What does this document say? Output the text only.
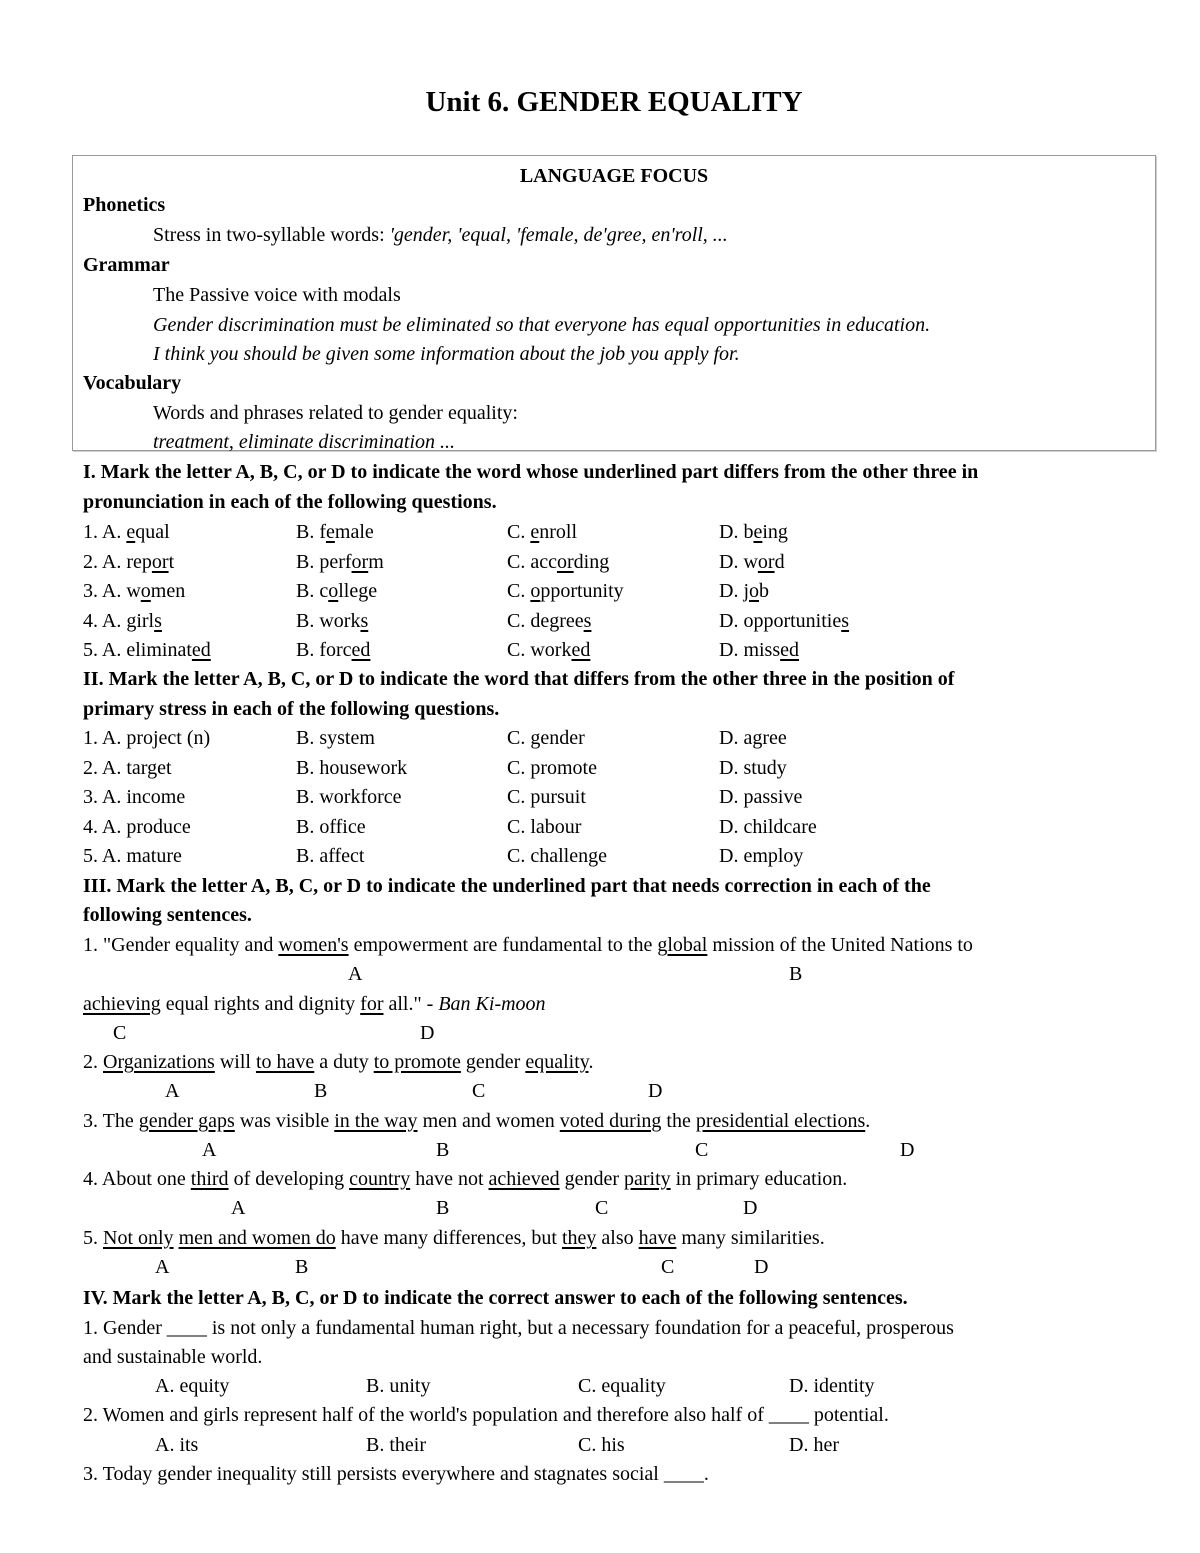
Unit 6. GENDER EQUALITY
LANGUAGE FOCUS
Phonetics
Stress in two-syllable words: 'gender, 'equal, 'female, de'gree, en'roll, ...
Grammar
The Passive voice with modals
Gender discrimination must be eliminated so that everyone has equal opportunities in education.
I think you should be given some information about the job you apply for.
Vocabulary
Words and phrases related to gender equality:
treatment, eliminate discrimination ...
I. Mark the letter A, B, C, or D to indicate the word whose underlined part differs from the other three in
pronunciation in each of the following questions.
1. A. equal	B. female	C. enroll	D. being
2. A. report	B. perform	C. according	D. word
3. A. women	B. college	C. opportunity	D. job
4. A. girls	B. works	C. degrees	D. opportunities
5. A. eliminated	B. forced	C. worked	D. missed
II. Mark the letter A, B, C, or D to indicate the word that differs from the other three in the position of
primary stress in each of the following questions.
1. A. project (n)	B. system	C. gender	D. agree
2. A. target	B. housework	C. promote	D. study
3. A. income	B. workforce	C. pursuit	D. passive
4. A. produce	B. office	C. labour	D. childcare
5. A. mature	B. affect	C. challenge	D. employ
III. Mark the letter A, B, C, or D to indicate the underlined part that needs correction in each of the
following sentences.
1. "Gender equality and women's empowerment are fundamental to the global mission of the United Nations to
A	B
achieving equal rights and dignity for all." - Ban Ki-moon
C	D
2. Organizations will to have a duty to promote gender equality.
A	B	C	D
3. The gender gaps was visible in the way men and women voted during the presidential elections.
A	B	C	D
4. About one third of developing country have not achieved gender parity in primary education.
A	B	C	D
5. Not only men and women do have many differences, but they also have many similarities.
A	B	C	D
IV. Mark the letter A, B, C, or D to indicate the correct answer to each of the following sentences.
1. Gender ____ is not only a fundamental human right, but a necessary foundation for a peaceful, prosperous
and sustainable world.
A. equity	B. unity	C. equality	D. identity
2. Women and girls represent half of the world's population and therefore also half of ____ potential.
A. its	B. their	C. his	D. her
3. Today gender inequality still persists everywhere and stagnates social ____.
